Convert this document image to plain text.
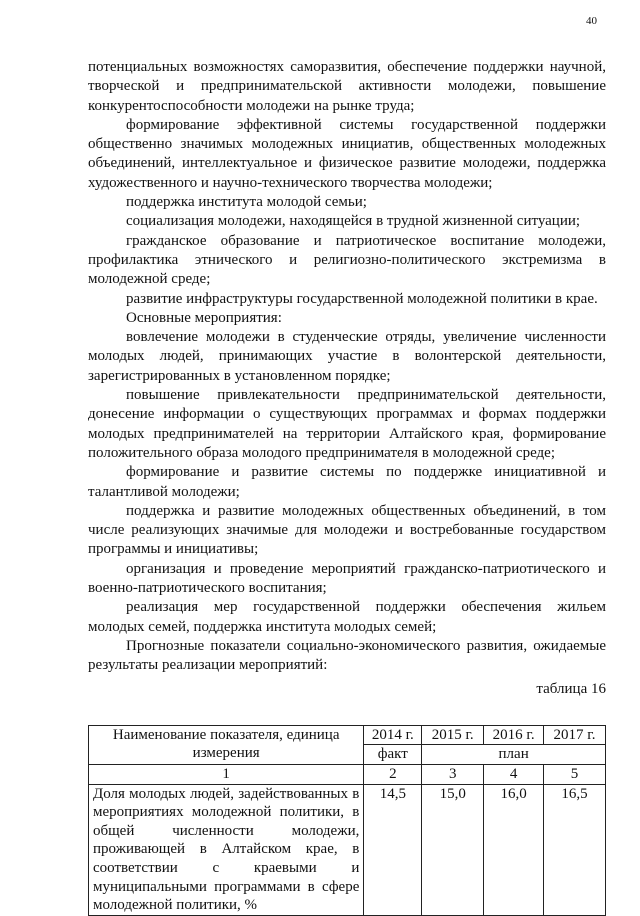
40

потенциальных возможностях саморазвития, обеспечение поддержки научной, творческой и предпринимательской активности молодежи, повышение конкурентоспособности молодежи на рынке труда;

формирование эффективной системы государственной поддержки общественно значимых молодежных инициатив, общественных молодежных объединений, интеллектуальное и физическое развитие молодежи, поддержка художественного и научно-технического творчества молодежи;

поддержка института молодой семьи;

социализация молодежи, находящейся в трудной жизненной ситуации;

гражданское образование и патриотическое воспитание молодежи, профилактика этнического и религиозно-политического экстремизма в молодежной среде;

развитие инфраструктуры государственной молодежной политики в крае.

Основные мероприятия:

вовлечение молодежи в студенческие отряды, увеличение численности молодых людей, принимающих участие в волонтерской деятельности, зарегистрированных в установленном порядке;

повышение привлекательности предпринимательской деятельности, донесение информации о существующих программах и формах поддержки молодых предпринимателей на территории Алтайского края, формирование положительного образа молодого предпринимателя в молодежной среде;

формирование и развитие системы по поддержке инициативной и талантливой молодежи;

поддержка и развитие молодежных общественных объединений, в том числе реализующих значимые для молодежи и востребованные государством программы и инициативы;

организация и проведение мероприятий гражданско-патриотического и военно-патриотического воспитания;

реализация мер государственной поддержки обеспечения жильем молодых семей, поддержка института молодых семей;

Прогнозные показатели социально-экономического развития, ожидаемые результаты реализации мероприятий:

таблица 16
Наименование показателя, единица измерения	2014 г.	2015 г.	2016 г.	2017 г.
	факт	план		
1	2	3	4	5
Доля молодых людей, задействованных в мероприятиях молодежной политики, в общей численности молодежи, проживающей в Алтайском крае, в соответствии с краевыми и муниципальными программами в сфере молодежной политики, %	14,5	15,0	16,0	16,5
